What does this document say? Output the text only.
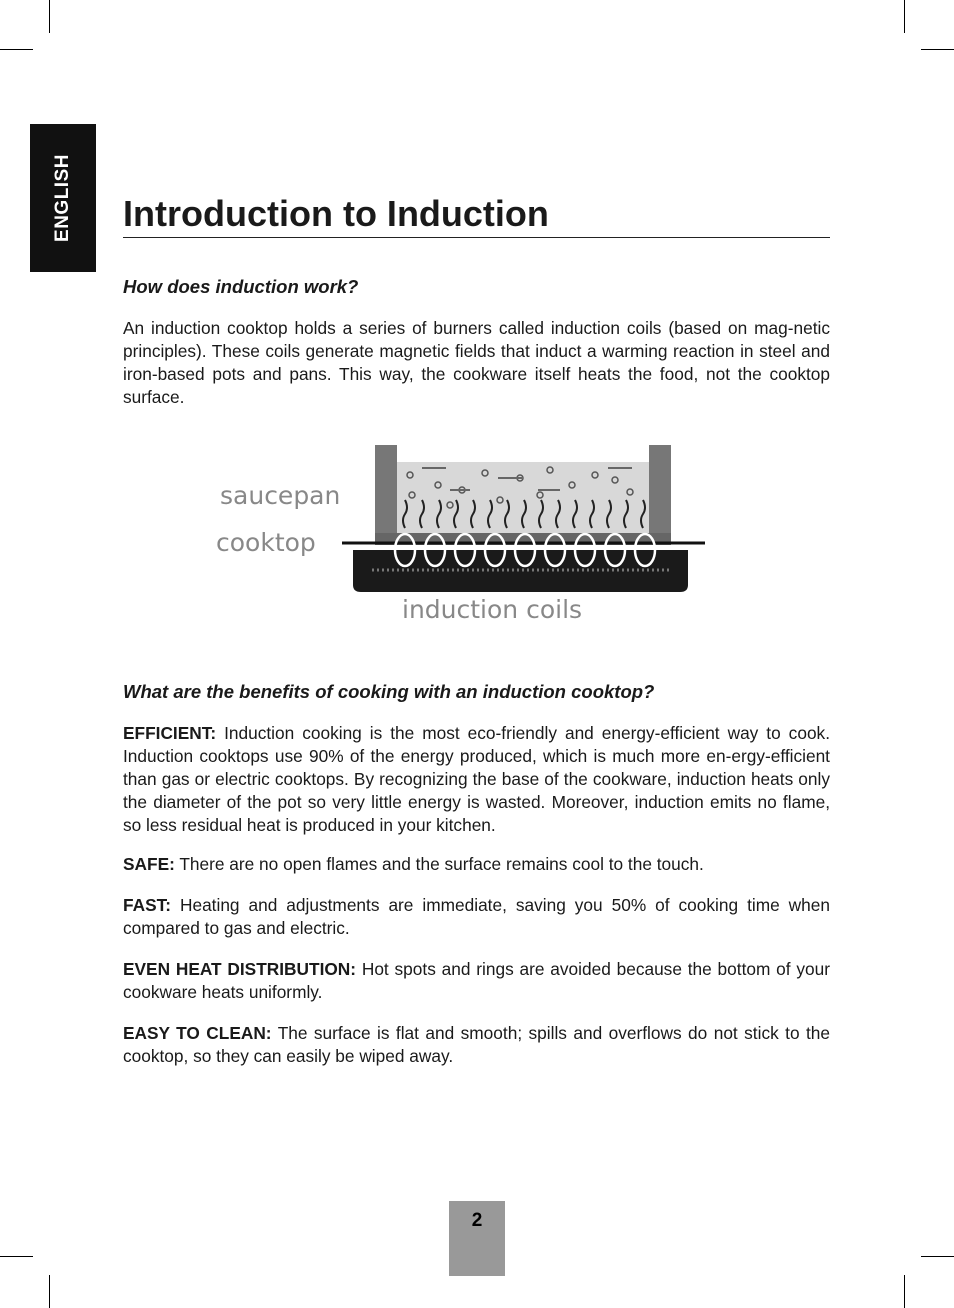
ENGLISH Introduction to Induction
How does induction work?

An induction cooktop holds a series of burners called induction coils (based on mag-netic principles). These coils generate magnetic fields that induct a warming reaction in steel and iron-based pots and pans. This way, the cookware itself heats the food, not the cooktop surface.

saucepan
cooktop
induction coils
What are the benefits of cooking with an induction cooktop?

EFFICIENT: Induction cooking is the most eco-friendly and energy-efficient way to cook. Induction cooktops use 90% of the energy produced, which is much more en-ergy-efficient than gas or electric cooktops. By recognizing the base of the cookware, induction heats only the diameter of the pot so very little energy is wasted. Moreover, induction emits no flame, so less residual heat is produced in your kitchen.

SAFE: There are no open flames and the surface remains cool to the touch.

FAST: Heating and adjustments are immediate, saving you 50% of cooking time when compared to gas and electric.

EVEN HEAT DISTRIBUTION: Hot spots and rings are avoided because the bottom of your cookware heats uniformly.

EASY TO CLEAN: The surface is flat and smooth; spills and overflows do not stick to the cooktop, so they can easily be wiped away.

2
